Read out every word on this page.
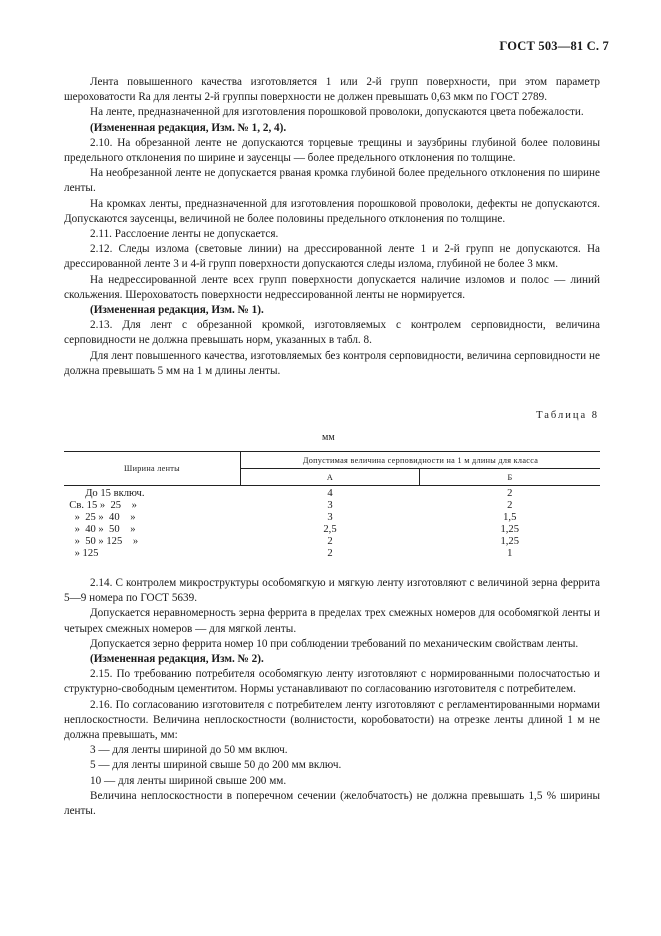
ГОСТ 503—81 С. 7

Лента повышенного качества изготовляется 1 или 2-й групп поверхности, при этом параметр шероховатости Ra для ленты 2-й группы поверхности не должен превышать 0,63 мкм по ГОСТ 2789.

На ленте, предназначенной для изготовления порошковой проволоки, допускаются цвета побежалости.

(Измененная редакция, Изм. № 1, 2, 4).

2.10. На обрезанной ленте не допускаются торцевые трещины и заузбрины глубиной более половины предельного отклонения по ширине и заусенцы — более предельного отклонения по толщине.

На необрезанной ленте не допускается рваная кромка глубиной более предельного отклонения по ширине ленты.

На кромках ленты, предназначенной для изготовления порошковой проволоки, дефекты не допускаются. Допускаются заусенцы, величиной не более половины предельного отклонения по толщине.

2.11. Расслоение ленты не допускается.

2.12. Следы излома (световые линии) на дрессированной ленте 1 и 2-й групп не допускаются. На дрессированной ленте 3 и 4-й групп поверхности допускаются следы излома, глубиной не более 3 мкм.

На недрессированной ленте всех групп поверхности допускается наличие изломов и полос — линий скольжения. Шероховатость поверхности недрессированной ленты не нормируется.

(Измененная редакция, Изм. № 1).

2.13. Для лент с обрезанной кромкой, изготовляемых с контролем серповидности, величина серповидности не должна превышать норм, указанных в табл. 8.

Для лент повышенного качества, изготовляемых без контроля серповидности, величина серповидности не должна превышать 5 мм на 1 м длины ленты.

Таблица 8
мм
Ширина ленты	Допустимая величина серповидности на 1 м длины для класса	
	А	Б
До 15 включ.	4	2
Св. 15 »  25    »	3	2
»  25 »  40    »	3	1,5
»  40 »  50    »	2,5	1,25
»  50 » 125    »	2	1,25
» 125	2	1

2.14. С контролем микроструктуры особомягкую и мягкую ленту изготовляют с величиной зерна феррита 5—9 номера по ГОСТ 5639.

Допускается неравномерность зерна феррита в пределах трех смежных номеров для особомягкой ленты и четырех смежных номеров — для мягкой ленты.

Допускается зерно феррита номер 10 при соблюдении требований по механическим свойствам ленты.

(Измененная редакция, Изм. № 2).

2.15. По требованию потребителя особомягкую ленту изготовляют с нормированными полосчатостью и структурно-свободным цементитом. Нормы устанавливают по согласованию изготовителя с потребителем.

2.16. По согласованию изготовителя с потребителем ленту изготовляют с регламентированными нормами неплоскостности. Величина неплоскостности (волнистости, коробоватости) на отрезке ленты длиной 1 м не должна превышать, мм:

3 — для ленты шириной до 50 мм включ.

5 — для ленты шириной свыше 50 до 200 мм включ.

10 — для ленты шириной свыше 200 мм.

Величина неплоскостности в поперечном сечении (желобчатость) не должна превышать 1,5 % ширины ленты.
